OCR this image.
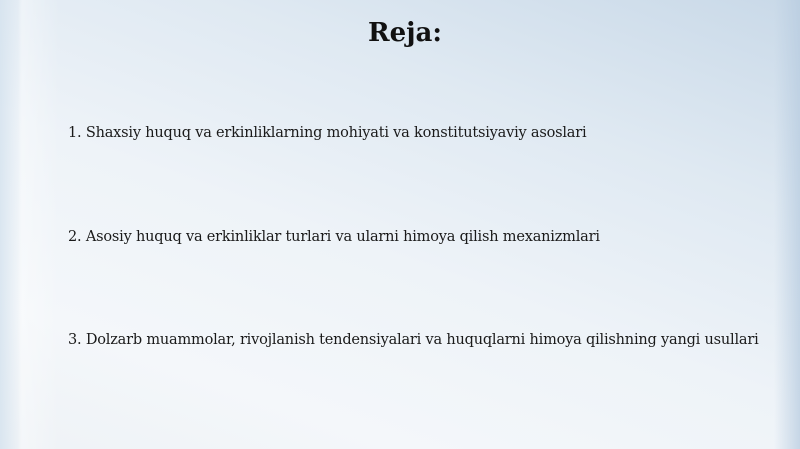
Reja:
1. Shaxsiy huquq va erkinliklarning mohiyati va konstitutsiyaviy asoslari
2. Asosiy huquq va erkinliklar turlari va ularni himoya qilish mexanizmlari
3. Dolzarb muammolar, rivojlanish tendensiyalari va huquqlarni himoya qilishning yangi usullari
